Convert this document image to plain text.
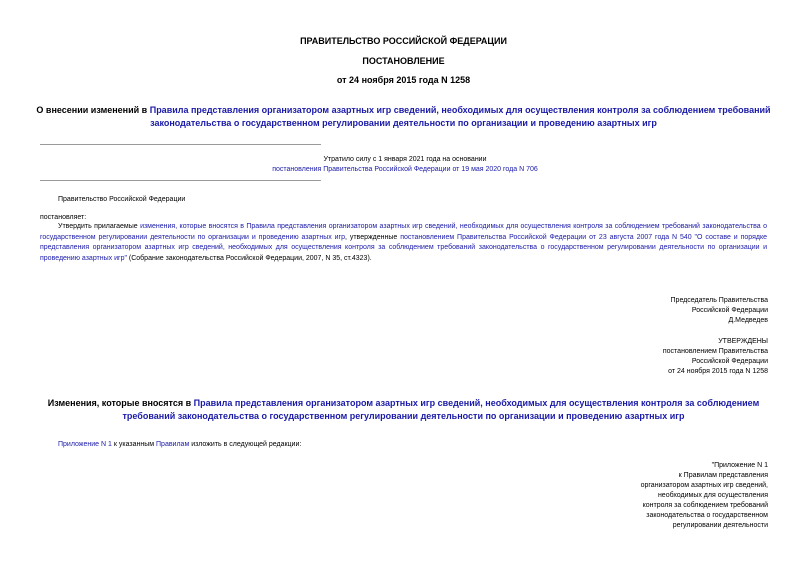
ПРАВИТЕЛЬСТВО РОССИЙСКОЙ ФЕДЕРАЦИИ
ПОСТАНОВЛЕНИЕ
от 24 ноября 2015 года N 1258
О внесении изменений в Правила представления организатором азартных игр сведений, необходимых для осуществления контроля за соблюдением требований
законодательства о государственном регулировании деятельности по организации и проведению азартных игр
Утратило силу с 1 января 2021 года на основании
постановления Правительства Российской Федерации от 19 мая 2020 года N 706
Правительство Российской Федерации
постановляет:
Утвердить прилагаемые изменения, которые вносятся в Правила представления организатором азартных игр сведений, необходимых для осуществления контроля за соблюдением требований законодательства о государственном регулировании деятельности по организации и проведению азартных игр, утвержденные постановлением Правительства Российской Федерации от 23 августа 2007 года N 540 "О составе и порядке представления организатором азартных игр сведений, необходимых для осуществления контроля за соблюдением требований законодательства о государственном регулировании деятельности по организации и проведению азартных игр" (Собрание законодательства Российской Федерации, 2007, N 35, ст.4323).
Председатель Правительства
Российской Федерации
Д.Медведев
УТВЕРЖДЕНЫ
постановлением Правительства
Российской Федерации
от 24 ноября 2015 года N 1258
Изменения, которые вносятся в Правила представления организатором азартных игр сведений, необходимых для осуществления контроля за соблюдением
требований законодательства о государственном регулировании деятельности по организации и проведению азартных игр
Приложение N 1 к указанным Правилам изложить в следующей редакции:
"Приложение N 1
к Правилам представления
организатором азартных игр сведений,
необходимых для осуществления
контроля за соблюдением требований
законодательства о государственном
регулировании деятельности
